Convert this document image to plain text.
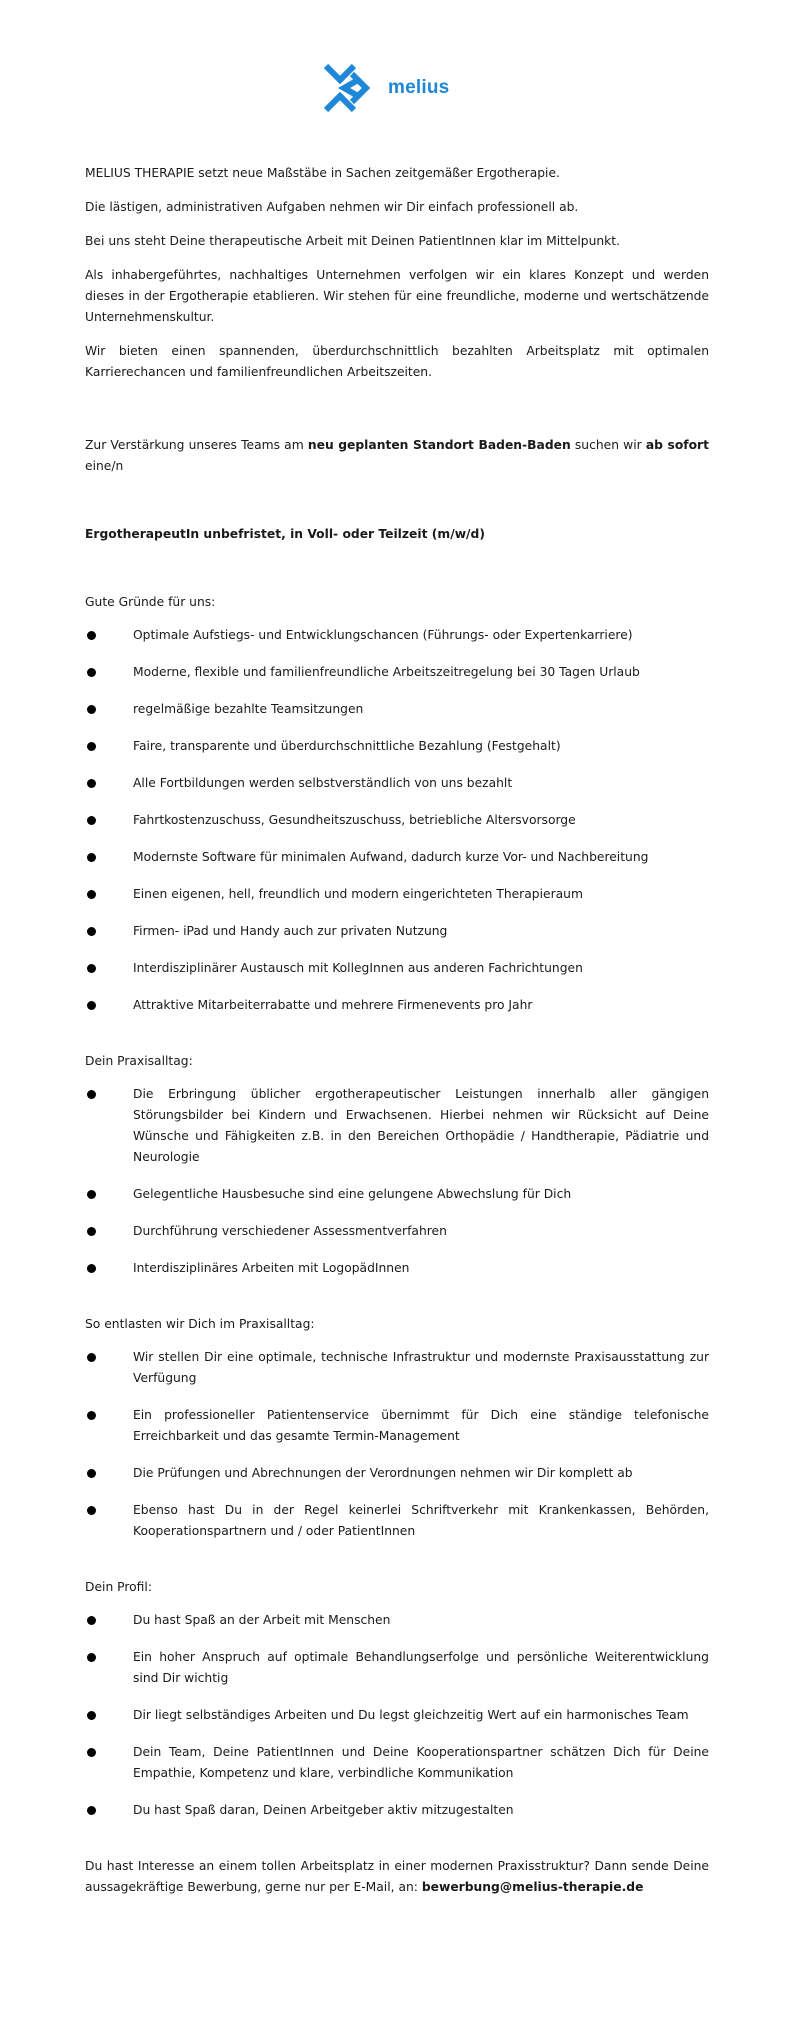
melius

MELIUS THERAPIE setzt neue Maßstäbe in Sachen zeitgemäßer Ergotherapie.

Die lästigen, administrativen Aufgaben nehmen wir Dir einfach professionell ab.

Bei uns steht Deine therapeutische Arbeit mit Deinen PatientInnen klar im Mittelpunkt.

Als inhabergeführtes, nachhaltiges Unternehmen verfolgen wir ein klares Konzept und werden dieses in der Ergotherapie etablieren. Wir stehen für eine freundliche, moderne und wertschätzende Unternehmenskultur.

Wir bieten einen spannenden, überdurchschnittlich bezahlten Arbeitsplatz mit optimalen Karrierechancen und familienfreundlichen Arbeitszeiten.

Zur Verstärkung unseres Teams am neu geplanten Standort Baden-Baden suchen wir ab sofort eine/n

ErgotherapeutIn unbefristet, in Voll- oder Teilzeit (m/w/d)

Gute Gründe für uns:

Optimale Aufstiegs- und Entwicklungschancen (Führungs- oder Expertenkarriere)
Moderne, flexible und familienfreundliche Arbeitszeitregelung bei 30 Tagen Urlaub
regelmäßige bezahlte Teamsitzungen
Faire, transparente und überdurchschnittliche Bezahlung (Festgehalt)
Alle Fortbildungen werden selbstverständlich von uns bezahlt
Fahrtkostenzuschuss, Gesundheitszuschuss, betriebliche Altersvorsorge
Modernste Software für minimalen Aufwand, dadurch kurze Vor- und Nachbereitung
Einen eigenen, hell, freundlich und modern eingerichteten Therapieraum
Firmen- iPad und Handy auch zur privaten Nutzung
Interdisziplinärer Austausch mit KollegInnen aus anderen Fachrichtungen
Attraktive Mitarbeiterrabatte und mehrere Firmenevents pro Jahr

Dein Praxisalltag:

Die Erbringung üblicher ergotherapeutischer Leistungen innerhalb aller gängigen Störungsbilder bei Kindern und Erwachsenen. Hierbei nehmen wir Rücksicht auf Deine Wünsche und Fähigkeiten z.B. in den Bereichen Orthopädie / Handtherapie, Pädiatrie und Neurologie
Gelegentliche Hausbesuche sind eine gelungene Abwechslung für Dich
Durchführung verschiedener Assessmentverfahren
Interdisziplinäres Arbeiten mit LogopädInnen

So entlasten wir Dich im Praxisalltag:

Wir stellen Dir eine optimale, technische Infrastruktur und modernste Praxisausstattung zur Verfügung
Ein professioneller Patientenservice übernimmt für Dich eine ständige telefonische Erreichbarkeit und das gesamte Termin-Management
Die Prüfungen und Abrechnungen der Verordnungen nehmen wir Dir komplett ab
Ebenso hast Du in der Regel keinerlei Schriftverkehr mit Krankenkassen, Behörden, Kooperationspartnern und / oder PatientInnen

Dein Profil:

Du hast Spaß an der Arbeit mit Menschen
Ein hoher Anspruch auf optimale Behandlungserfolge und persönliche Weiterentwicklung sind Dir wichtig
Dir liegt selbständiges Arbeiten und Du legst gleichzeitig Wert auf ein harmonisches Team
Dein Team, Deine PatientInnen und Deine Kooperationspartner schätzen Dich für Deine Empathie, Kompetenz und klare, verbindliche Kommunikation
Du hast Spaß daran, Deinen Arbeitgeber aktiv mitzugestalten

Du hast Interesse an einem tollen Arbeitsplatz in einer modernen Praxisstruktur? Dann sende Deine aussagekräftige Bewerbung, gerne nur per E-Mail, an: bewerbung@melius-therapie.de
